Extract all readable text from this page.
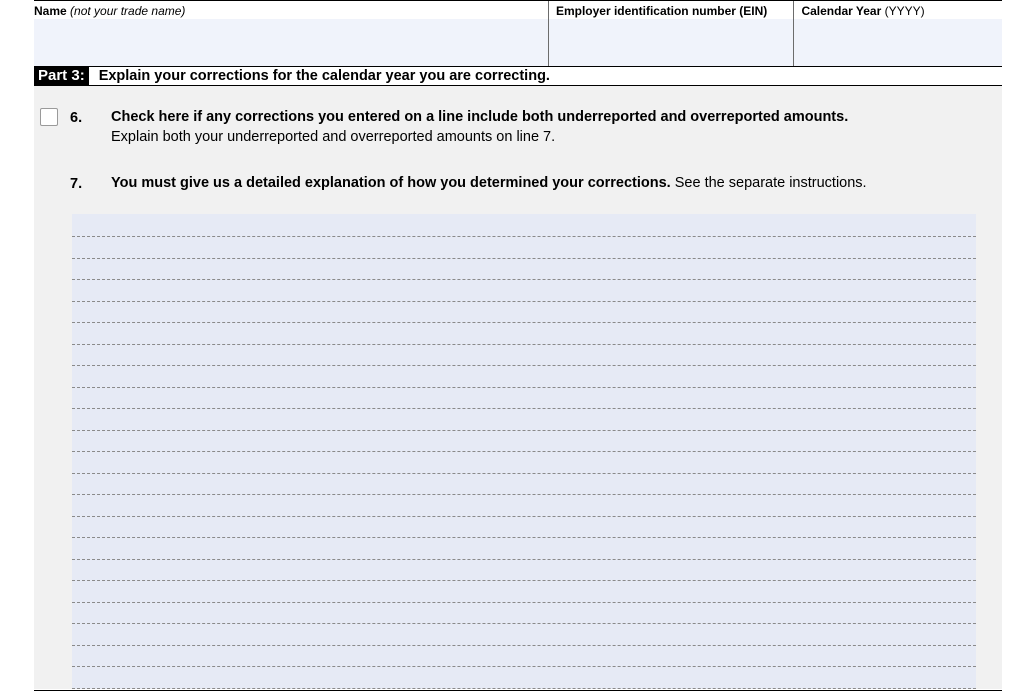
Name (not your trade name)	Employer identification number (EIN)	Calendar Year (YYYY)
Part 3: Explain your corrections for the calendar year you are correcting.
6. Check here if any corrections you entered on a line include both underreported and overreported amounts.
Explain both your underreported and overreported amounts on line 7.
7. You must give us a detailed explanation of how you determined your corrections. See the separate instructions.
